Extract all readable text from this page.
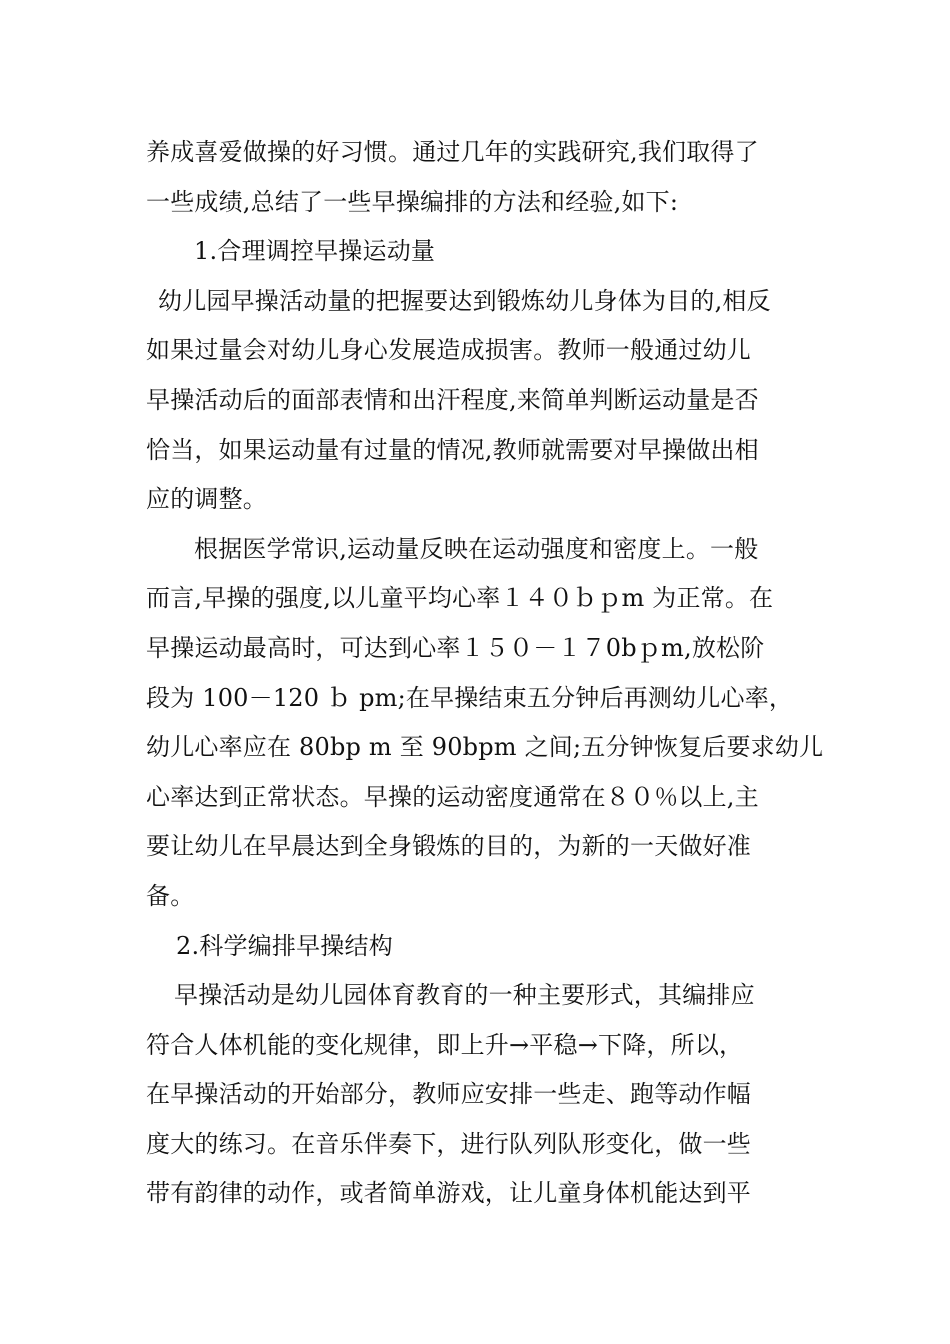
养成喜爱做操的好习惯。通过几年的实践研究,我们取得了
一些成绩,总结了一些早操编排的方法和经验,如下:
1.合理调控早操运动量
幼儿园早操活动量的把握要达到锻炼幼儿身体为目的,相反
如果过量会对幼儿身心发展造成损害。教师一般通过幼儿
早操活动后的面部表情和出汗程度,来简单判断运动量是否
恰当，如果运动量有过量的情况,教师就需要对早操做出相
应的调整。
根据医学常识,运动量反映在运动强度和密度上。一般
而言,早操的强度,以儿童平均心率１４０ｂｐm 为正常。在
早操运动最高时，可达到心率１５０－１７0bｐm,放松阶
段为 100－120 ｂ pm;在早操结束五分钟后再测幼儿心率，
幼儿心率应在 80bp m 至 90bpm 之间;五分钟恢复后要求幼儿
心率达到正常状态。早操的运动密度通常在８０％以上,主
要让幼儿在早晨达到全身锻炼的目的，为新的一天做好准
备。
2.科学编排早操结构
早操活动是幼儿园体育教育的一种主要形式，其编排应
符合人体机能的变化规律，即上升→平稳→下降，所以，
在早操活动的开始部分，教师应安排一些走、跑等动作幅
度大的练习。在音乐伴奏下，进行队列队形变化，做一些
带有韵律的动作，或者简单游戏，让儿童身体机能达到平
